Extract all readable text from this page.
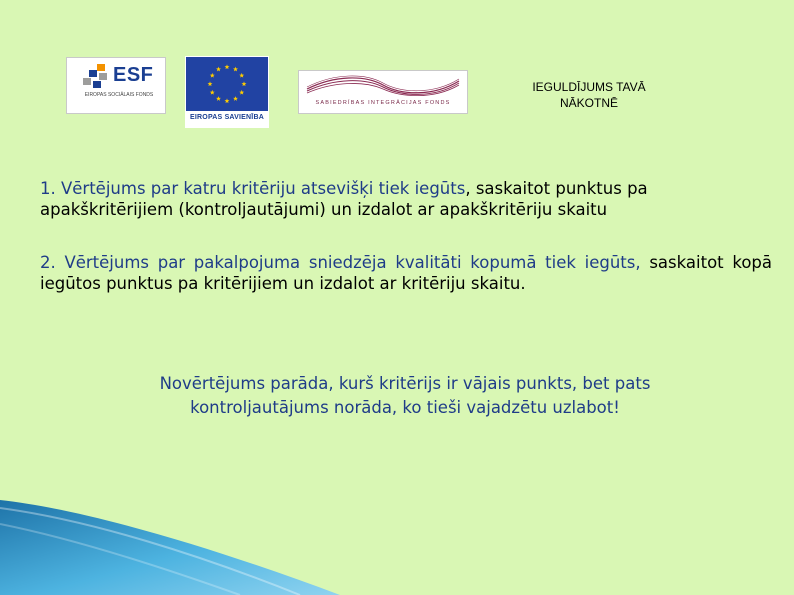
ESF
EIROPAS SOCIĀLAIS FONDS
EIROPAS SAVIENĪBA
SABIEDRĪBAS INTEGRĀCIJAS FONDS
IEGULDĪJUMS TAVĀ
NĀKOTNĒ
1. Vērtējums par katru kritēriju atsevišķi tiek iegūts, saskaitot punktus pa apakškritērijiem (kontroljautājumi) un izdalot ar apakškritēriju skaitu
2. Vērtējums par pakalpojuma sniedzēja kvalitāti kopumā tiek iegūts, saskaitot kopā iegūtos punktus pa kritērijiem un izdalot ar kritēriju skaitu.
Novērtējums parāda, kurš kritērijs ir vājais punkts, bet pats
kontroljautājums norāda, ko tieši vajadzētu uzlabot!
